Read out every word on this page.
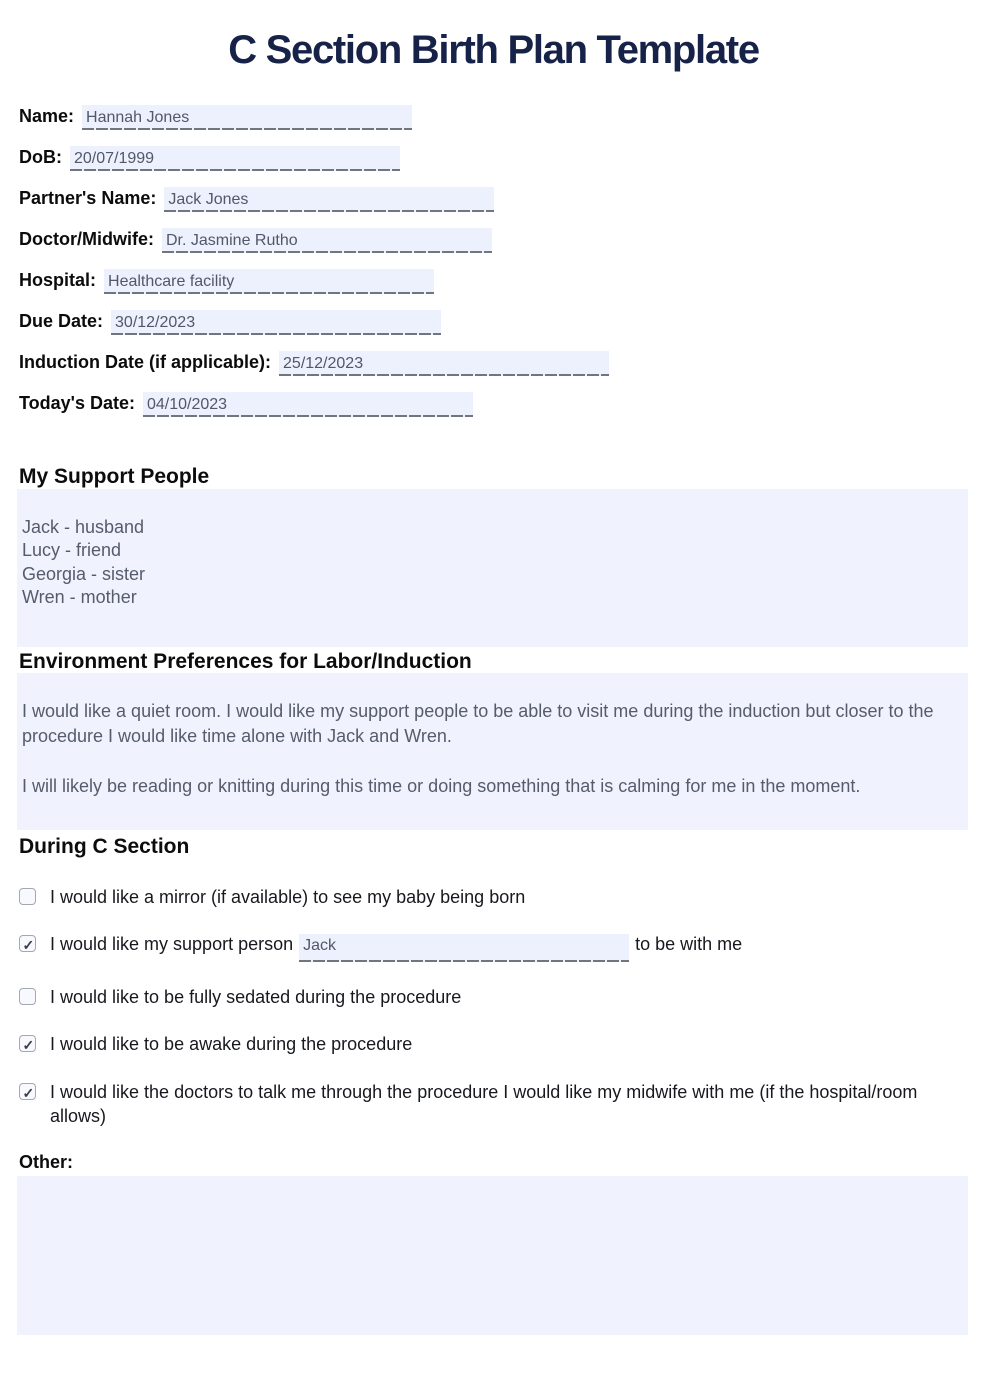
C Section Birth Plan Template
Name: Hannah Jones
DoB: 20/07/1999
Partner's Name: Jack Jones
Doctor/Midwife: Dr. Jasmine Rutho
Hospital: Healthcare facility
Due Date: 30/12/2023
Induction Date (if applicable): 25/12/2023
Today's Date: 04/10/2023
My Support People
Jack - husband
Lucy - friend
Georgia - sister
Wren - mother
Environment Preferences for Labor/Induction

I would like a quiet room. I would like my support people to be able to visit me during the induction but closer to the procedure I would like time alone with Jack and Wren.

I will likely be reading or knitting during this time or doing something that is calming for me in the moment.

During C Section
I would like a mirror (if available) to see my baby being born
✓
I would like my support person Jack	to be with me
I would like to be fully sedated during the procedure
✓
I would like to be awake during the procedure
✓
I would like the doctors to talk me through the procedure I would like my midwife with me (if the hospital/room allows)
Other:
